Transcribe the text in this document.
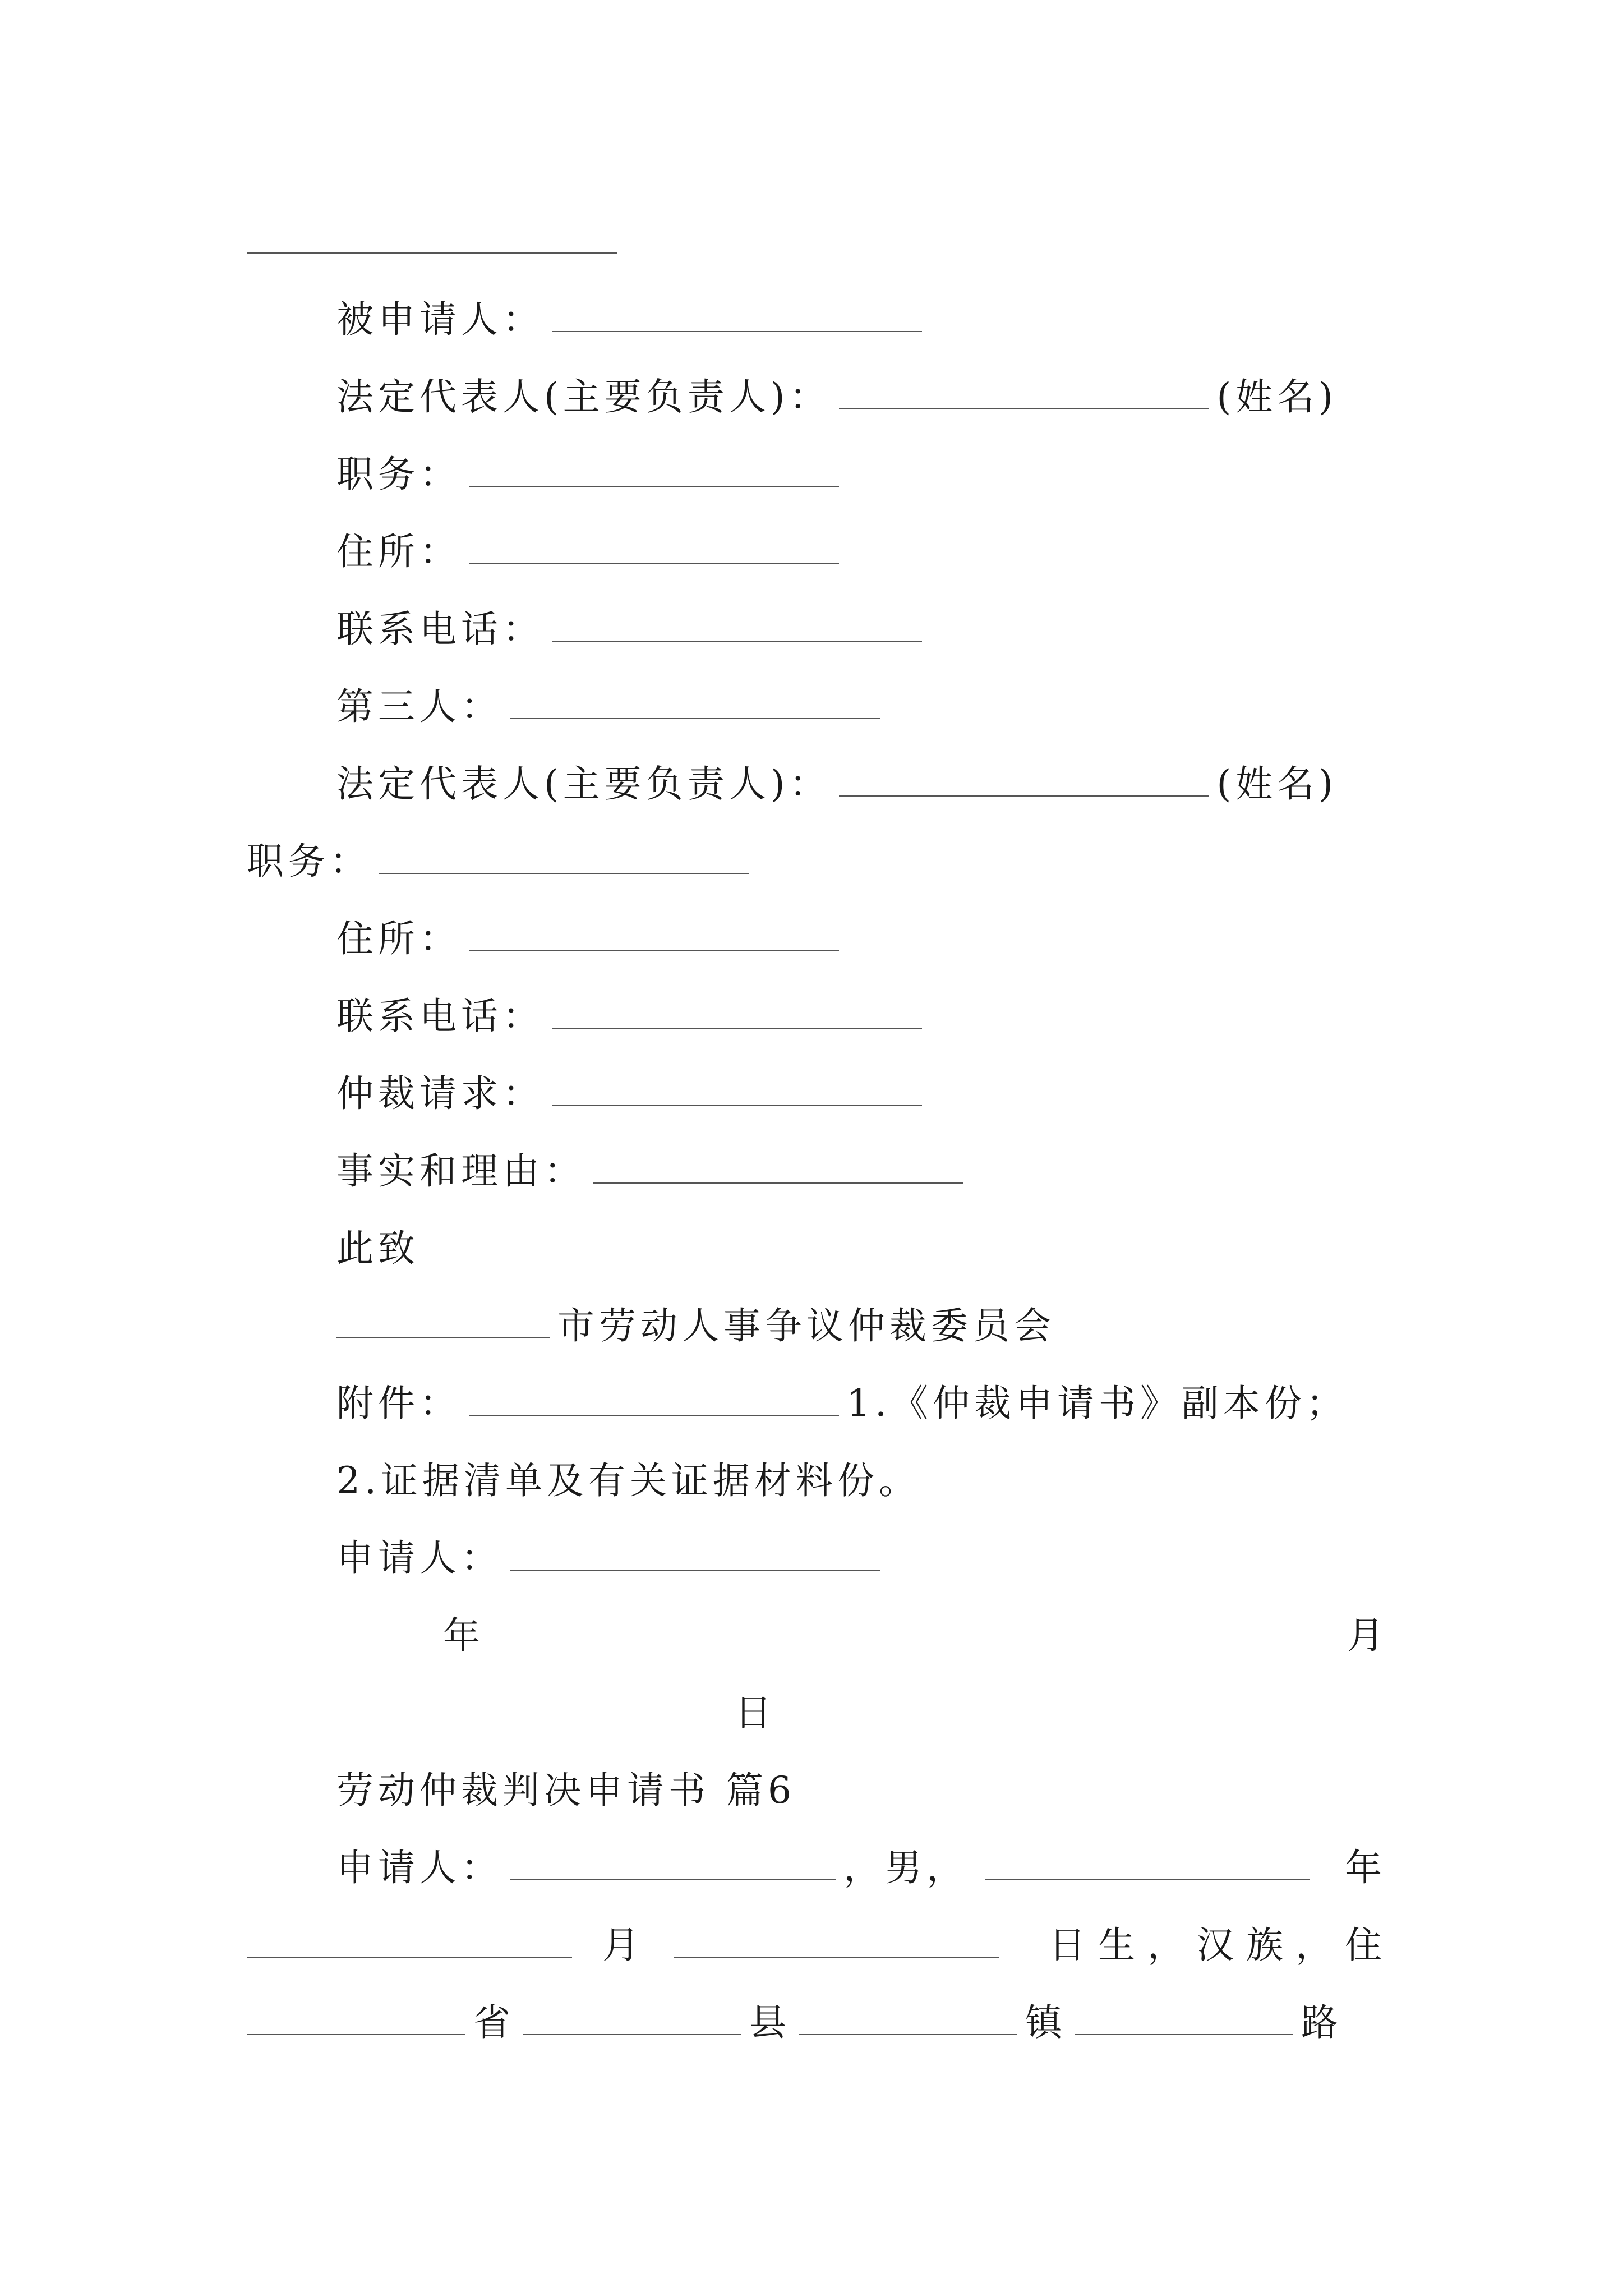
被申请人：
法定代表人(主要负责人)：	(姓名)
职务：
住所：
联系电话：
第三人：
法定代表人(主要负责人)：	(姓名)
职务：
住所：
联系电话：
仲裁请求：
事实和理由：
此致
市劳动人事争议仲裁委员会
附件：	1.《仲裁申请书》副本份；
2.证据清单及有关证据材料份。
申请人：
年	月
日
劳动仲裁判决申请书 篇6
申请人：	，男，	年
月	日生，汉族，住
省	县	镇	路
